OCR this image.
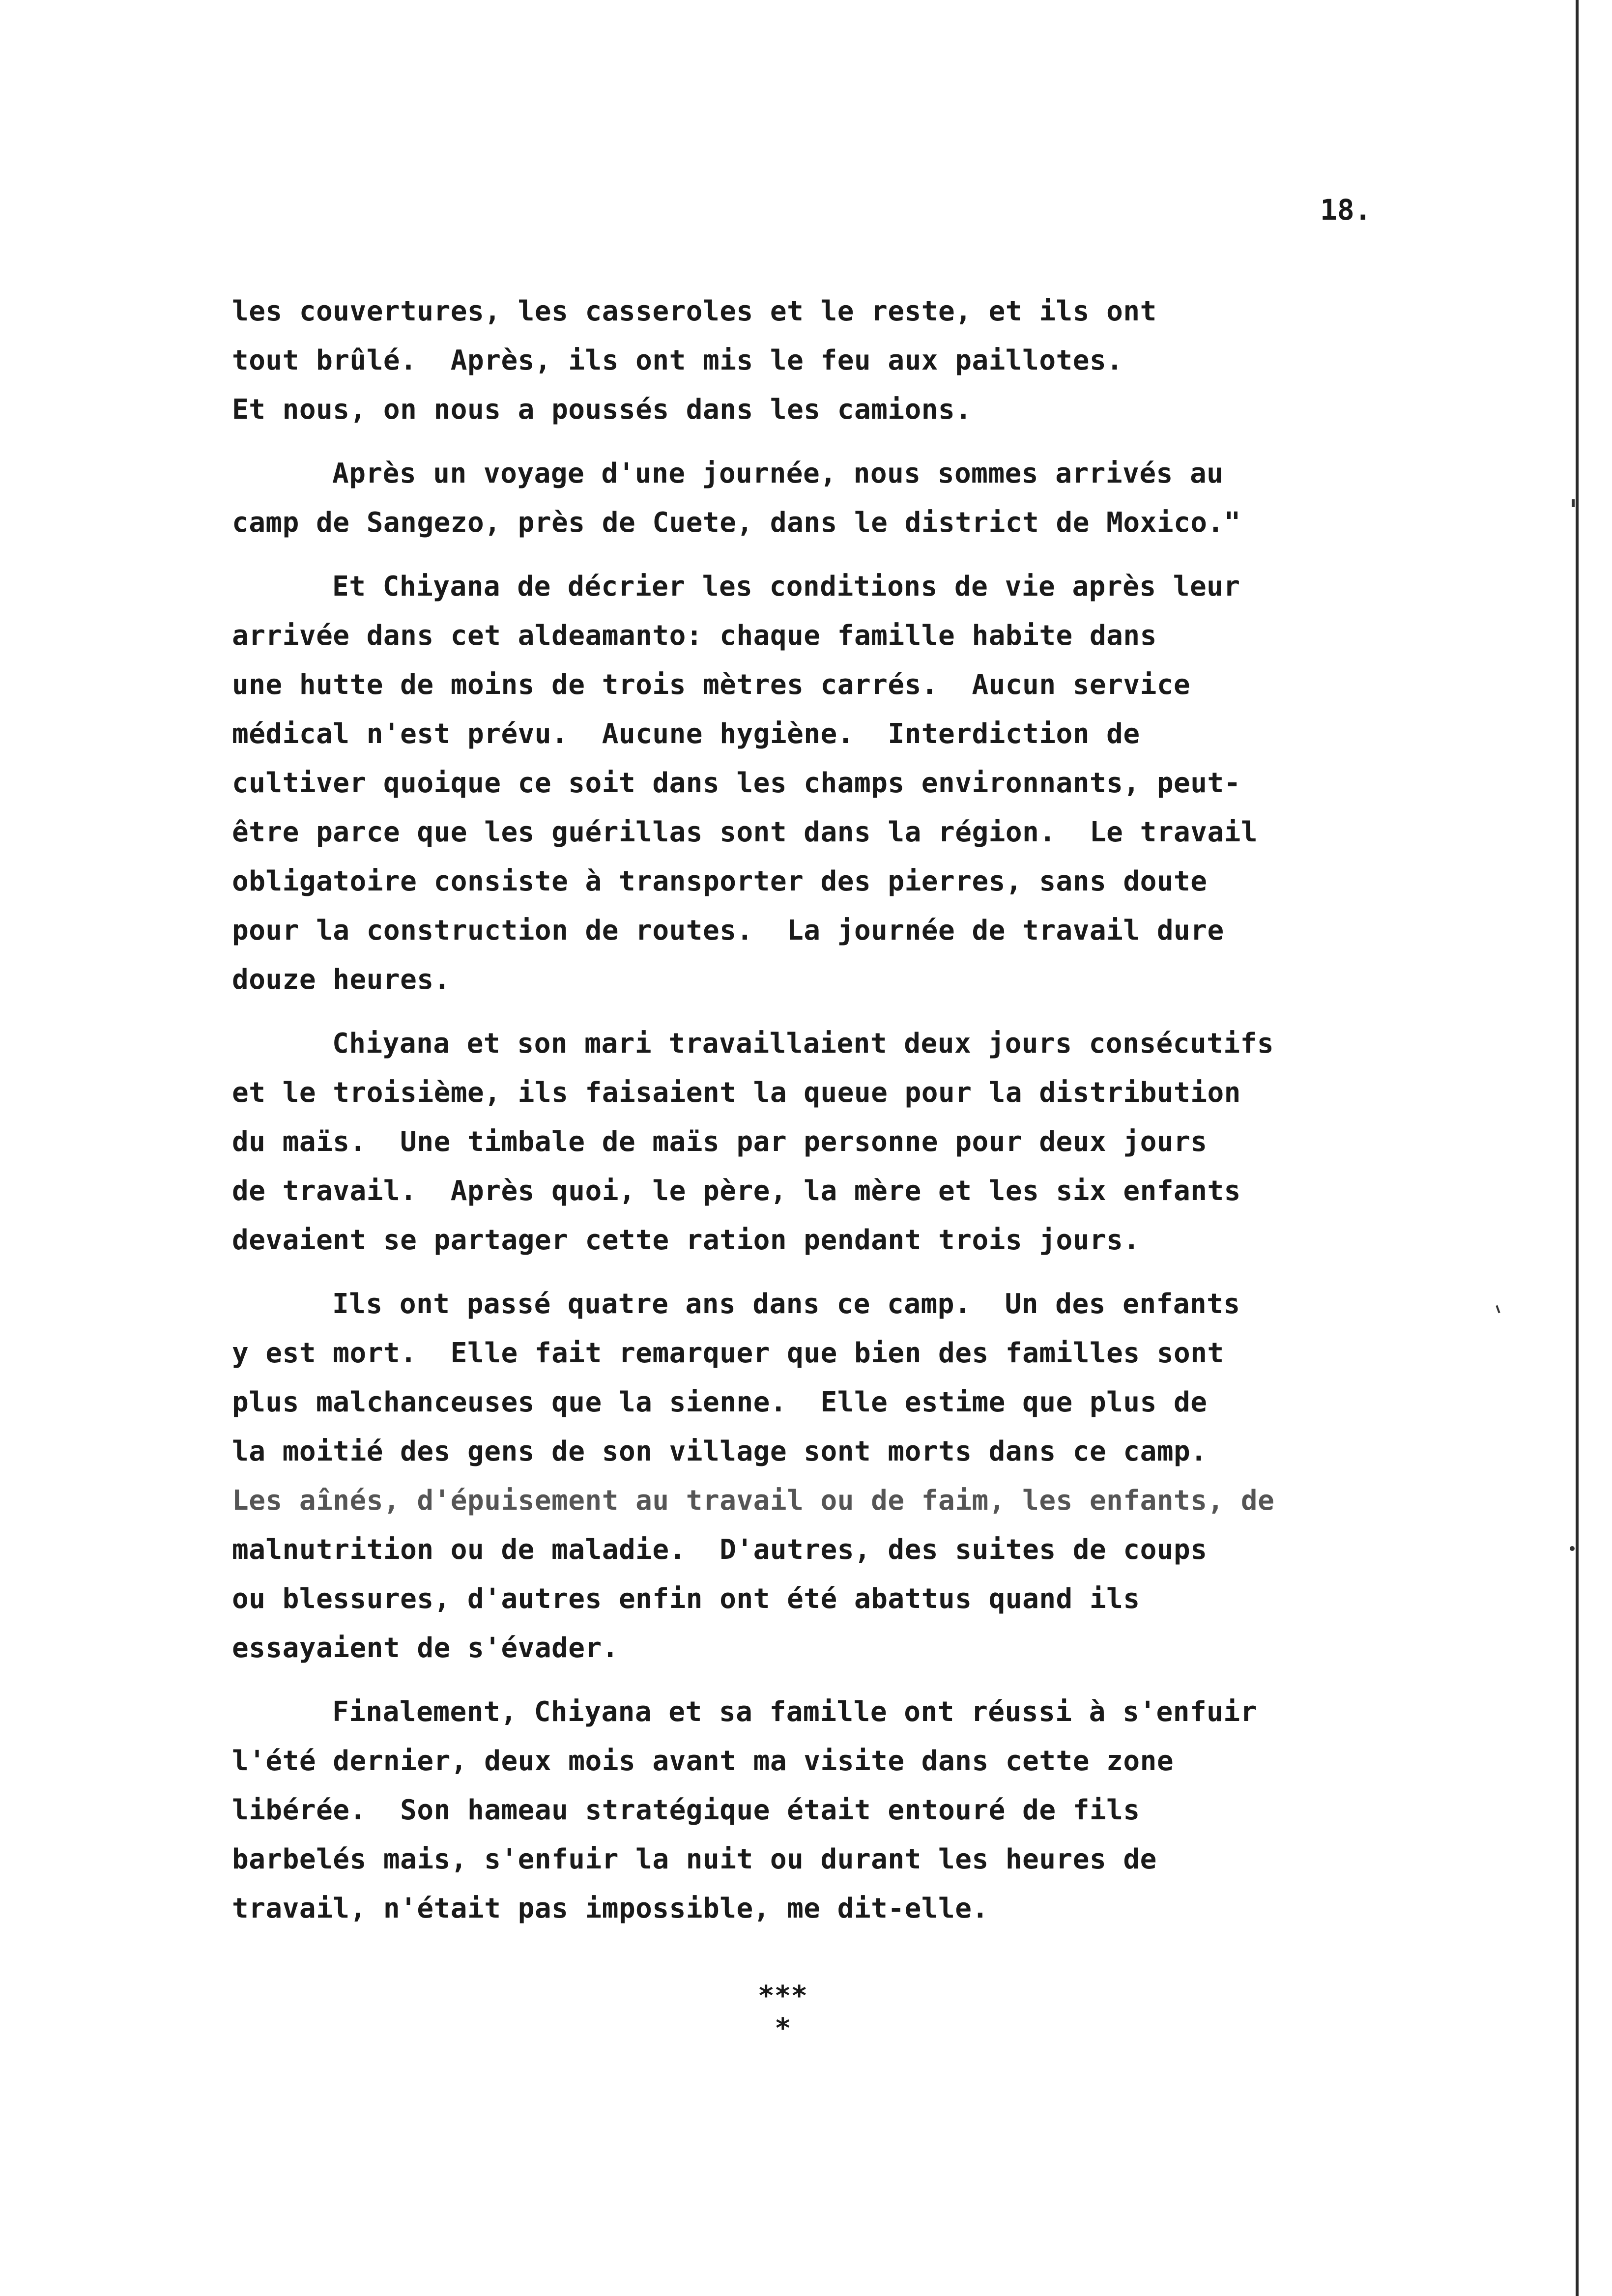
18.
les couvertures, les casseroles et le reste, et ils ont
tout brûlé.  Après, ils ont mis le feu aux paillotes.
Et nous, on nous a poussés dans les camions.
Après un voyage d'une journée, nous sommes arrivés au
camp de Sangezo, près de Cuete, dans le district de Moxico."
Et Chiyana de décrier les conditions de vie après leur
arrivée dans cet aldeamanto: chaque famille habite dans
une hutte de moins de trois mètres carrés.  Aucun service
médical n'est prévu.  Aucune hygiène.  Interdiction de
cultiver quoique ce soit dans les champs environnants, peut-
être parce que les guérillas sont dans la région.  Le travail
obligatoire consiste à transporter des pierres, sans doute
pour la construction de routes.  La journée de travail dure
douze heures.
Chiyana et son mari travaillaient deux jours consécutifs
et le troisième, ils faisaient la queue pour la distribution
du maïs.  Une timbale de maïs par personne pour deux jours
de travail.  Après quoi, le père, la mère et les six enfants
devaient se partager cette ration pendant trois jours.
Ils ont passé quatre ans dans ce camp.  Un des enfants
y est mort.  Elle fait remarquer que bien des familles sont
plus malchanceuses que la sienne.  Elle estime que plus de
la moitié des gens de son village sont morts dans ce camp.
Les aînés, d'épuisement au travail ou de faim, les enfants, de
malnutrition ou de maladie.  D'autres, des suites de coups
ou blessures, d'autres enfin ont été abattus quand ils
essayaient de s'évader.
Finalement, Chiyana et sa famille ont réussi à s'enfuir
l'été dernier, deux mois avant ma visite dans cette zone
libérée.  Son hameau stratégique était entouré de fils
barbelés mais, s'enfuir la nuit ou durant les heures de
travail, n'était pas impossible, me dit-elle.
***
*
